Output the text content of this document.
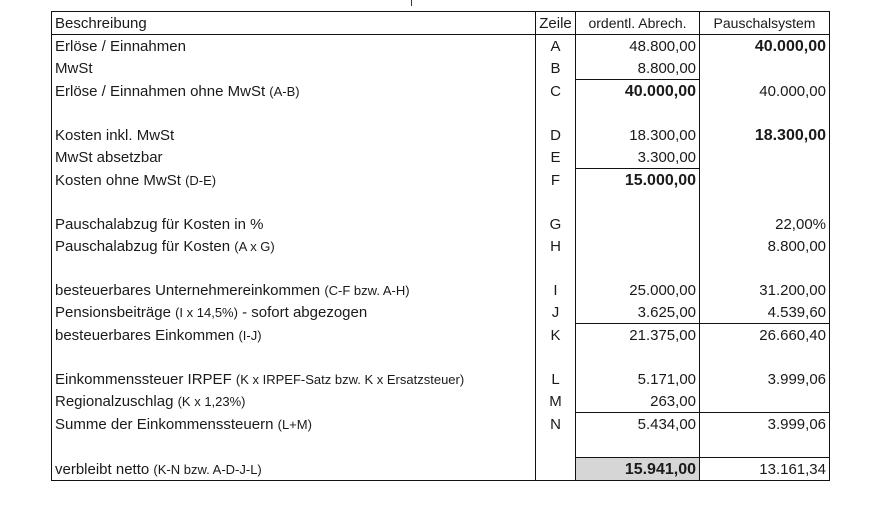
Beschreibung	Zeile	ordentl. Abrech.	Pauschalsystem
Erlöse / Einnahmen	A	48.800,00	40.000,00
MwSt	B	8.800,00	
Erlöse / Einnahmen ohne MwSt (A-B)	C	40.000,00	40.000,00

Kosten inkl. MwSt	D	18.300,00	18.300,00
MwSt absetzbar	E	3.300,00	
Kosten ohne MwSt (D-E)	F	15.000,00	

Pauschalabzug für Kosten in %	G		22,00%
Pauschalabzug für Kosten (A x G)	H		8.800,00

besteuerbares Unternehmereinkommen (C-F bzw. A-H)	I	25.000,00	31.200,00
Pensionsbeiträge (I x 14,5%) - sofort abgezogen	J	3.625,00	4.539,60
besteuerbares Einkommen (I-J)	K	21.375,00	26.660,40

Einkommenssteuer IRPEF (K x IRPEF-Satz bzw. K x Ersatzsteuer)	L	5.171,00	3.999,06
Regionalzuschlag (K x 1,23%)	M	263,00	
Summe der Einkommenssteuern (L+M)	N	5.434,00	3.999,06

verbleibt netto (K-N bzw. A-D-J-L)		15.941,00	13.161,34
